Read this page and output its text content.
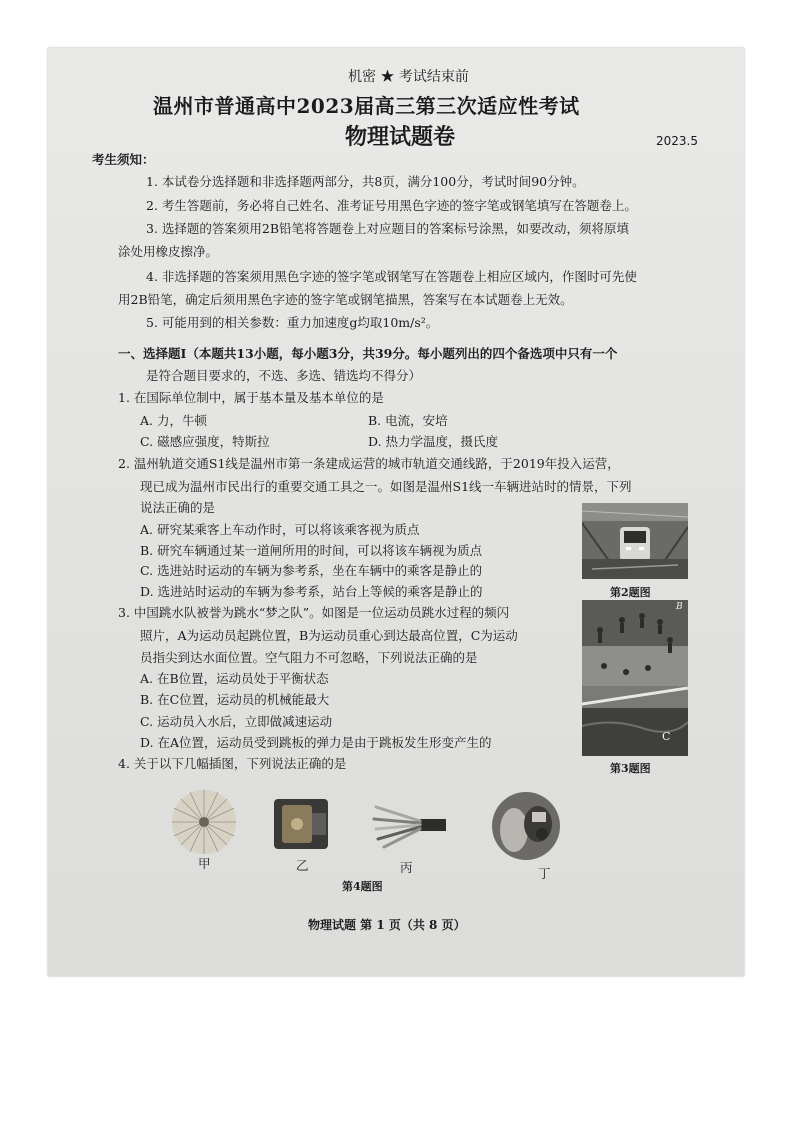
机密 ★ 考试结束前
温州市普通高中2023届高三第三次适应性考试
物理试题卷	2023.5
考生须知：
1. 本试卷分选择题和非选择题两部分，共8页，满分100分，考试时间90分钟。
2. 考生答题前，务必将自己姓名、准考证号用黑色字迹的签字笔或钢笔填写在答题卷上。
3. 选择题的答案须用2B铅笔将答题卷上对应题目的答案标号涂黑，如要改动，须将原填
涂处用橡皮擦净。
4. 非选择题的答案须用黑色字迹的签字笔或钢笔写在答题卷上相应区域内，作图时可先使
用2B铅笔，确定后须用黑色字迹的签字笔或钢笔描黑，答案写在本试题卷上无效。
5. 可能用到的相关参数：重力加速度g均取10m/s²。
一、选择题Ⅰ（本题共13小题，每小题3分，共39分。每小题列出的四个备选项中只有一个
是符合题目要求的，不选、多选、错选均不得分）
1. 在国际单位制中，属于基本量及基本单位的是
A. 力，牛顿	B. 电流，安培
C. 磁感应强度，特斯拉	D. 热力学温度，摄氏度
2. 温州轨道交通S1线是温州市第一条建成运营的城市轨道交通线路，于2019年投入运营，
现已成为温州市民出行的重要交通工具之一。如图是温州S1线一车辆进站时的情景，下列
说法正确的是
A. 研究某乘客上车动作时，可以将该乘客视为质点
B. 研究车辆通过某一道闸所用的时间，可以将该车辆视为质点
C. 选进站时运动的车辆为参考系，坐在车辆中的乘客是静止的
D. 选进站时运动的车辆为参考系，站台上等候的乘客是静止的	第2题图
3. 中国跳水队被誉为跳水“梦之队”。如图是一位运动员跳水过程的频闪
照片，A为运动员起跳位置，B为运动员重心到达最高位置，C为运动
员指尖到达水面位置。空气阻力不可忽略，下列说法正确的是
A. 在B位置，运动员处于平衡状态
B. 在C位置，运动员的机械能最大
C. 运动员入水后，立即做减速运动
D. 在A位置，运动员受到跳板的弹力是由于跳板发生形变产生的
4. 关于以下几幅插图，下列说法正确的是
B
C
第3题图
甲	乙	丙	丁
第4题图
物理试题 第 1 页（共 8 页）
